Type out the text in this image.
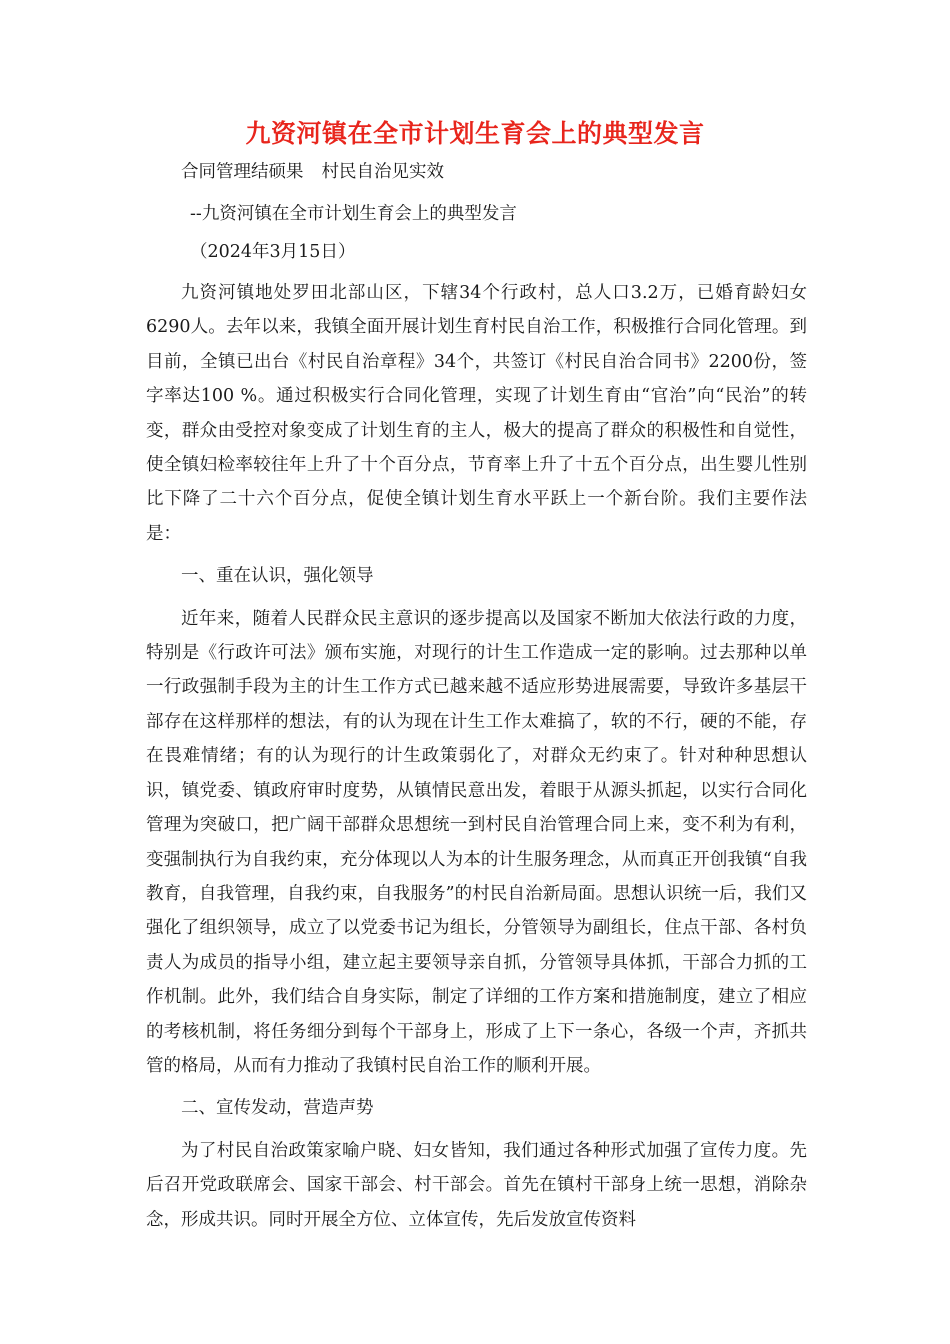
九资河镇在全市计划生育会上的典型发言
合同管理结硕果 村民自治见实效
--九资河镇在全市计划生育会上的典型发言
（2024年3月15日）

九资河镇地处罗田北部山区，下辖34个行政村，总人口3.2万，已婚育龄妇女6290人。去年以来，我镇全面开展计划生育村民自治工作，积极推行合同化管理。到目前，全镇已出台《村民自治章程》34个，共签订《村民自治合同书》2200份，签字率达100 %。通过积极实行合同化管理，实现了计划生育由“官治”向“民治”的转变，群众由受控对象变成了计划生育的主人，极大的提高了群众的积极性和自觉性，使全镇妇检率较往年上升了十个百分点，节育率上升了十五个百分点，出生婴儿性别比下降了二十六个百分点，促使全镇计划生育水平跃上一个新台阶。我们主要作法是：

一、重在认识，强化领导

近年来，随着人民群众民主意识的逐步提高以及国家不断加大依法行政的力度，特别是《行政许可法》颁布实施，对现行的计生工作造成一定的影响。过去那种以单一行政强制手段为主的计生工作方式已越来越不适应形势进展需要，导致许多基层干部存在这样那样的想法，有的认为现在计生工作太难搞了，软的不行，硬的不能，存在畏难情绪；有的认为现行的计生政策弱化了，对群众无约束了。针对种种思想认识，镇党委、镇政府审时度势，从镇情民意出发，着眼于从源头抓起，以实行合同化管理为突破口，把广阔干部群众思想统一到村民自治管理合同上来，变不利为有利，变强制执行为自我约束，充分体现以人为本的计生服务理念，从而真正开创我镇“自我教育，自我管理，自我约束，自我服务”的村民自治新局面。思想认识统一后，我们又强化了组织领导，成立了以党委书记为组长，分管领导为副组长，住点干部、各村负责人为成员的指导小组，建立起主要领导亲自抓，分管领导具体抓，干部合力抓的工作机制。此外，我们结合自身实际，制定了详细的工作方案和措施制度，建立了相应的考核机制，将任务细分到每个干部身上，形成了上下一条心，各级一个声，齐抓共管的格局，从而有力推动了我镇村民自治工作的顺利开展。

二、宣传发动，营造声势

为了村民自治政策家喻户晓、妇女皆知，我们通过各种形式加强了宣传力度。先后召开党政联席会、国家干部会、村干部会。首先在镇村干部身上统一思想，消除杂念，形成共识。同时开展全方位、立体宣传，先后发放宣传资料
